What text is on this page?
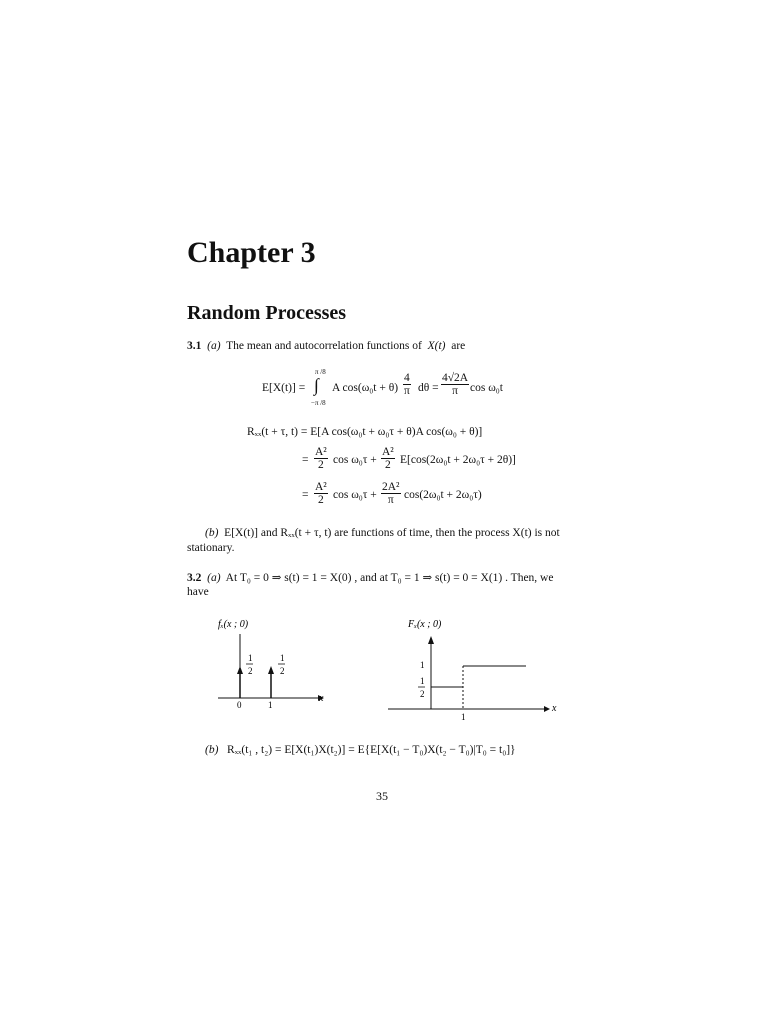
Chapter 3
Random Processes
3.1 (a) The mean and autocorrelation functions of X(t) are
E[X(t)] =
π /8
∫
−π /8
A $\cos(\omega_0t + \theta) \frac{4}{\pi}$ $d\theta = \frac{4√2A}{\pi}$ cos ω₀t
Rₓₓ(t + τ, t) = E[A cos(ω₀t + ω₀τ + θ)A cos(ω₀ + θ)]
= $\frac{\text{A²}}{2}$ $\cos \omega_0\tau + \frac{\text{A²}}{2} E[\cos(2\omega_0t + 2\omega_0\tau + 2\theta)]$
= $\frac{\text{A²}}{2}$ $\cos \omega_0\tau + \frac{\text{2A²}}{\pi} \cos(2\omega_0t + 2\omega_0\tau)$
(b) E[X(t)] and Rₓₓ(t + τ, t) are functions of time, then the process X(t) is not
stationary.
3.2 (a) At T₀ = 0 ⇒ s(t) = 1 = X(0) , and at T₀ = 1 ⇒ s(t) = 0 = X(1) . Then, we
have
fₓ(x ; 0)
1
2
1
2
0	1
x
Fₓ(x ; 0)
1
1
2
1
x
(b) Rₓₓ(t₁ , t₂) = E[X(t₁)X(t₂)] = E{E[X(t₁ − T₀)X(t₂ − T₀)|T₀ = t₀]}
35
